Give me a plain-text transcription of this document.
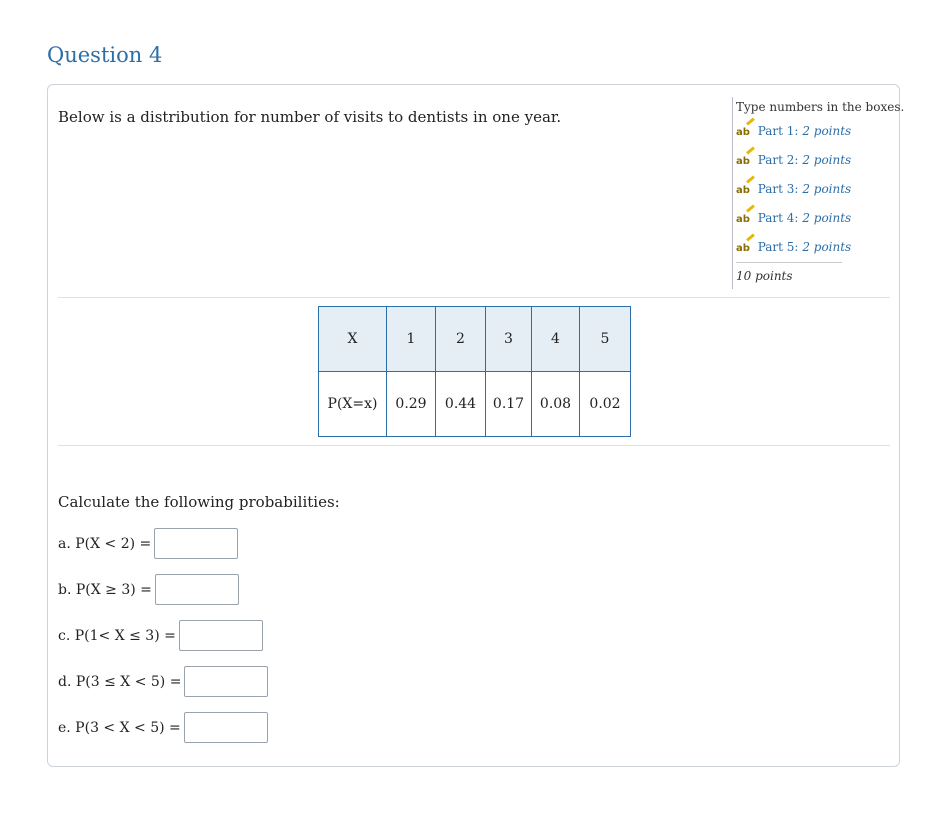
Question 4
Below is a distribution for number of visits to dentists in one year.
Type numbers in the boxes.
ab Part 1: 2 points
ab Part 2: 2 points
ab Part 3: 2 points
ab Part 4: 2 points
ab Part 5: 2 points
10 points
X	1	2	3	4	5
P(X=x)	0.29	0.44	0.17	0.08	0.02
Calculate the following probabilities:
a. P(X < 2) =
b. P(X ≥ 3) =
c. P(1< X ≤ 3) =
d. P(3 ≤ X < 5) =
e. P(3 < X < 5) =
